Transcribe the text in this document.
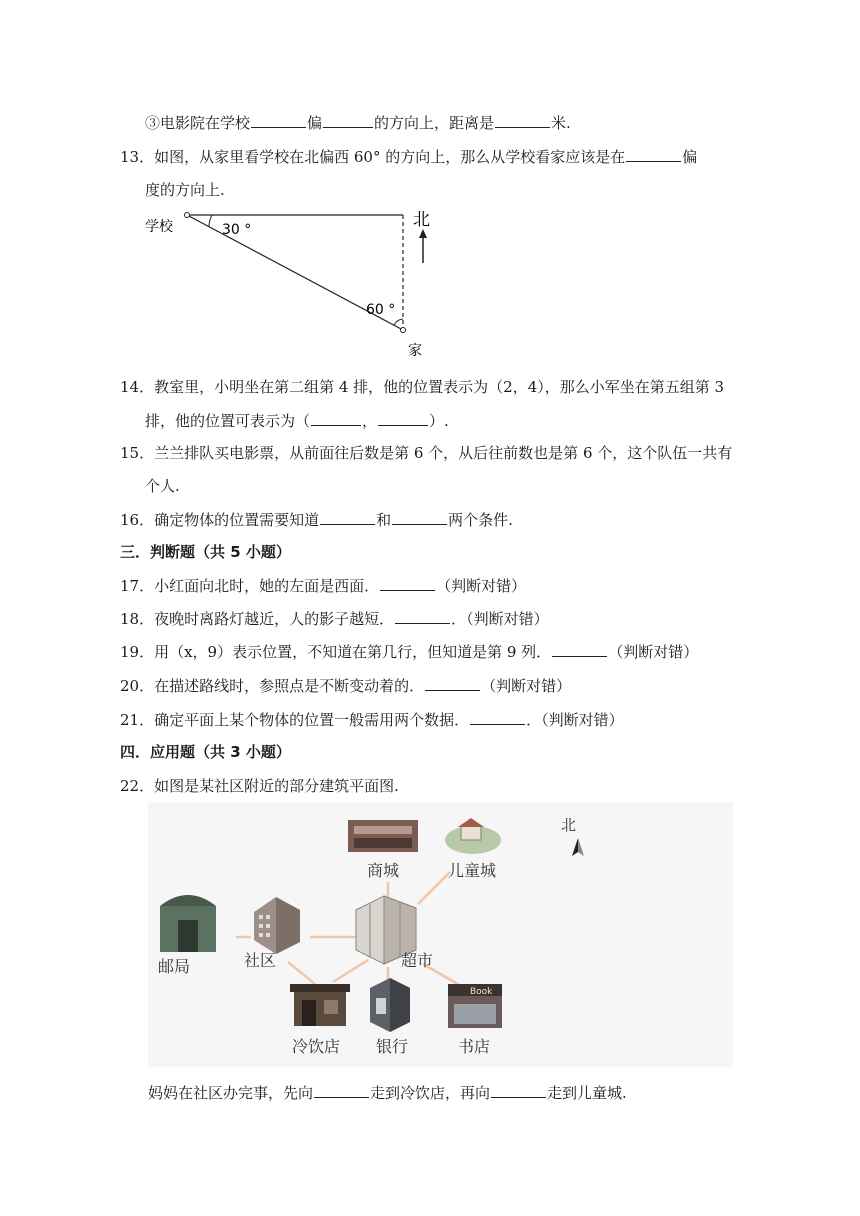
③电影院在学校	偏	的方向上，距离是	米.
13．如图，从家里看学校在北偏西 60° 的方向上，那么从学校看家应该是在	偏
度的方向上.
学校
家
北
30 °
60 °
14．教室里，小明坐在第二组第 4 排，他的位置表示为（2，4），那么小军坐在第五组第 3
排，他的位置可表示为（	，	）.
15．兰兰排队买电影票，从前面往后数是第 6 个，从后往前数也是第 6 个，这个队伍一共有
个人.
16．确定物体的位置需要知道	和	两个条件.
三．判断题（共 5 小题）
17．小红面向北时，她的左面是西面．	（判断对错）
18．夜晚时离路灯越近，人的影子越短．	．（判断对错）
19．用（x，9）表示位置，不知道在第几行，但知道是第 9 列．	（判断对错）
20．在描述路线时，参照点是不断变动着的．	（判断对错）
21．确定平面上某个物体的位置一般需用两个数据．	．（判断对错）
四．应用题（共 3 小题）
22．如图是某社区附近的部分建筑平面图.
商城	儿童城
北
邮局	社区	超市
冷饮店 银行
Book
书店
妈妈在社区办完事，先向	走到冷饮店，再向	走到儿童城.
